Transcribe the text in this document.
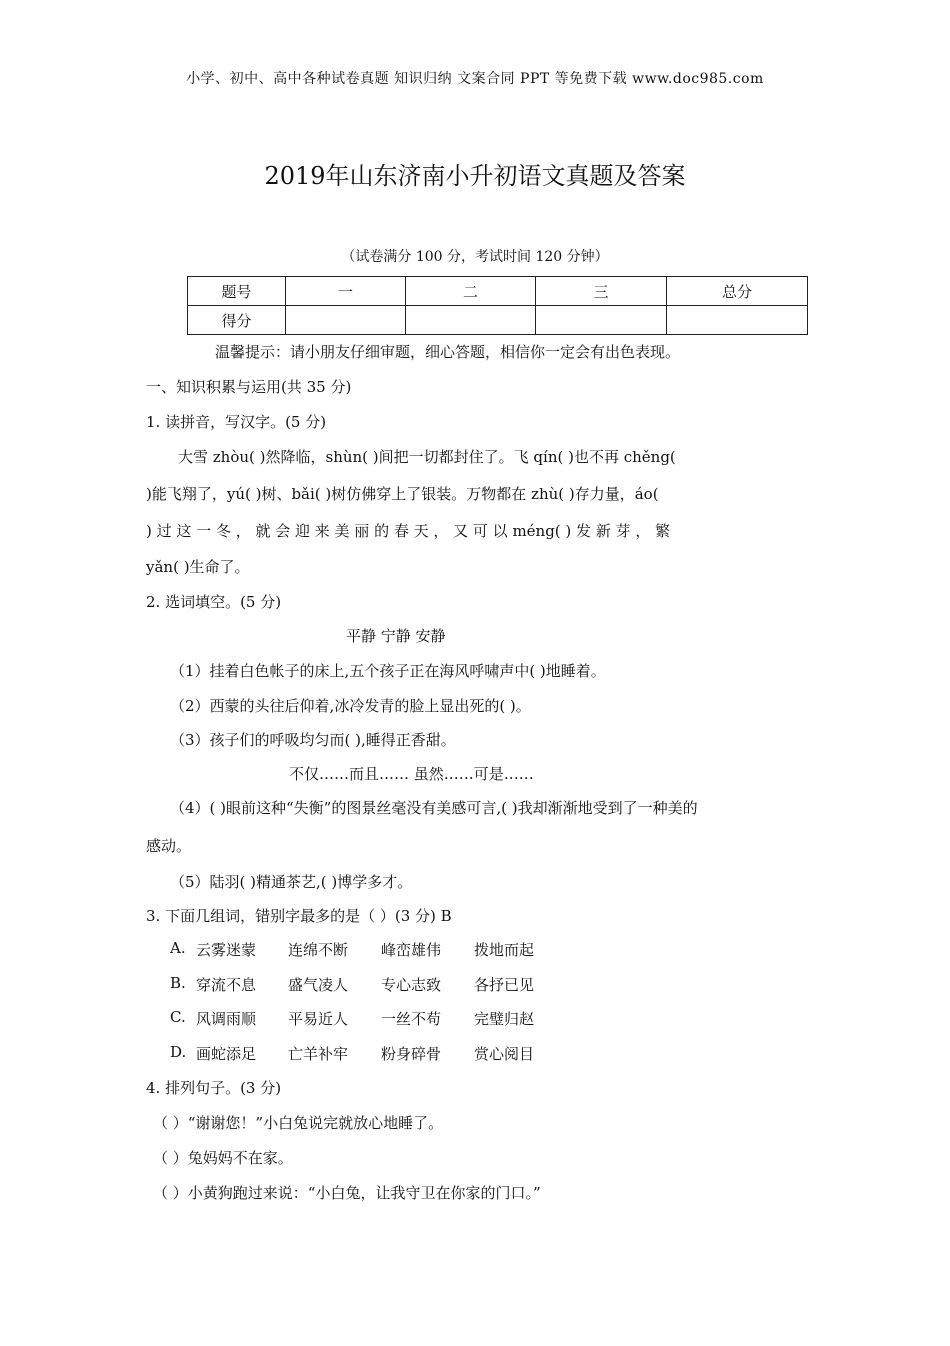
小学、初中、高中各种试卷真题 知识归纳 文案合同 PPT 等免费下载 www.doc985.com
2019年山东济南小升初语文真题及答案
（试卷满分 100 分，考试时间 120 分钟）
题号	一	二	三	总分
得分				
温馨提示：请小朋友仔细审题，细心答题，相信你一定会有出色表现。
一、知识积累与运用(共 35 分)
1. 读拼音，写汉字。(5 分)
大雪 zhòu( )然降临，shùn( )间把一切都封住了。飞 qín( )也不再 chěng(
)能飞翔了，yú( )树、bǎi( )树仿佛穿上了银装。万物都在 zhù( )存力量，áo(
) 过 这 一 冬 ， 就 会 迎 来 美 丽 的 春 天 ， 又 可 以 méng( ) 发 新 芽 ， 繁
yǎn( )生命了。
2. 选词填空。(5 分)
平静 宁静 安静
（1）挂着白色帐子的床上,五个孩子正在海风呼啸声中( )地睡着。
（2）西蒙的头往后仰着,冰冷发青的脸上显出死的( )。
（3）孩子们的呼吸均匀而( ),睡得正香甜。
不仅……而且…… 虽然……可是……
（4）( )眼前这种“失衡”的图景丝毫没有美感可言,( )我却渐渐地受到了一种美的
感动。
（5）陆羽( )精通茶艺,( )博学多才。
3. 下面几组词，错别字最多的是（ ）(3 分) B
A. 云雾迷蒙 连绵不断 峰峦雄伟 拨地而起
B. 穿流不息 盛气凌人 专心志致 各抒已见
C. 风调雨顺 平易近人 一丝不苟 完璧归赵
D. 画蛇添足 亡羊补牢 粉身碎骨 赏心阅目
4. 排列句子。(3 分)
（ ）“谢谢您！”小白兔说完就放心地睡了。
（ ）兔妈妈不在家。
（ ）小黄狗跑过来说：“小白兔，让我守卫在你家的门口。”
